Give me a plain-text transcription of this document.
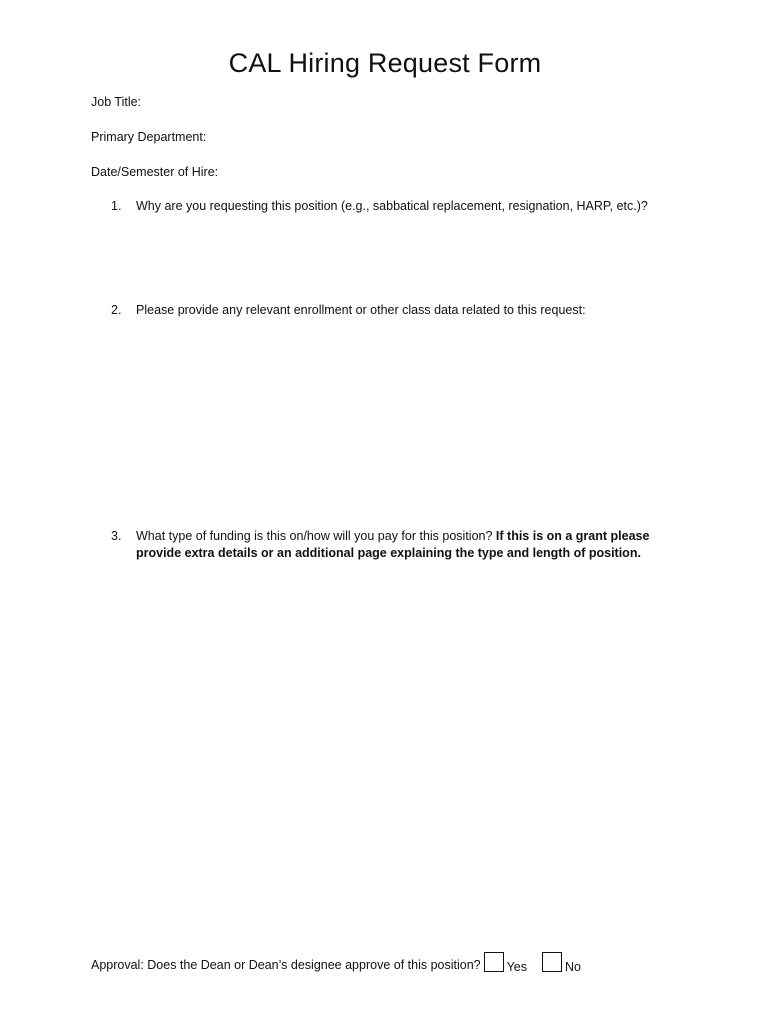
CAL Hiring Request Form
Job Title:
Primary Department:
Date/Semester of Hire:
1.	Why are you requesting this position (e.g., sabbatical replacement, resignation, HARP, etc.)?
2.	Please provide any relevant enrollment or other class data related to this request:
3.	What type of funding is this on/how will you pay for this position? If this is on a grant please provide extra details or an additional page explaining the type and length of position.
Approval: Does the Dean or Dean’s designee approve of this position? Yes	No
